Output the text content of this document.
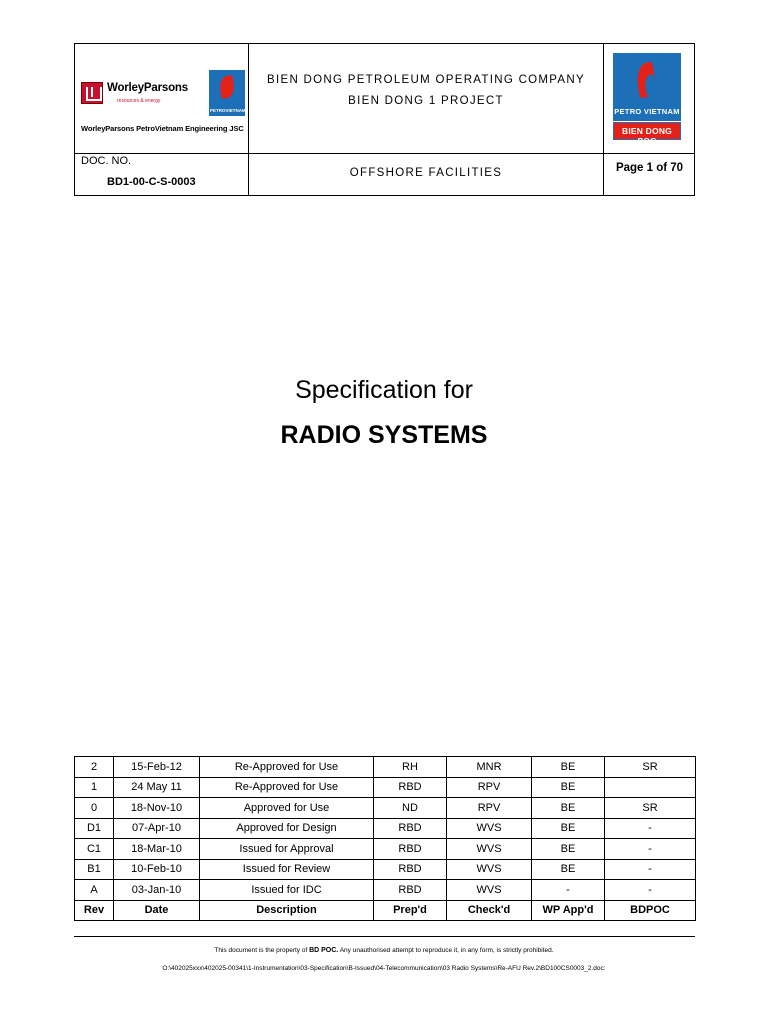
WorleyParsons
resources & energy
PETROVIETNAM
WorleyParsons PetroVietnam Engineering JSC
BIEN DONG PETROLEUM OPERATING COMPANY
BIEN DONG 1 PROJECT
PETRO VIETNAM
BIEN DONG POC
DOC. NO.
BD1-00-C-S-0003
OFFSHORE FACILITIES	Page 1 of 70
Specification for
RADIO SYSTEMS
2	15-Feb-12	Re-Approved for Use	RH	MNR	BE	SR
1	24 May 11	Re-Approved for Use	RBD	RPV	BE	
0	18-Nov-10	Approved for Use	ND	RPV	BE	SR
D1	07-Apr-10	Approved for Design	RBD	WVS	BE	-
C1	18-Mar-10	Issued for Approval	RBD	WVS	BE	-
B1	10-Feb-10	Issued for Review	RBD	WVS	BE	-
A	03-Jan-10	Issued for IDC	RBD	WVS	-	-
Rev	Date	Description	Prep'd	Check'd	WP App'd	BDPOC
This document is the property of BD POC. Any unauthorised attempt to reproduce it, in any form, is strictly prohibited.
O:\402025xxx\402025-00341\1-Instrumentation\03-Specification\B-Issued\04-Telecommunication\03 Radio Systems\Re-AFU Rev.2\BD100CS0003_2.doc:
